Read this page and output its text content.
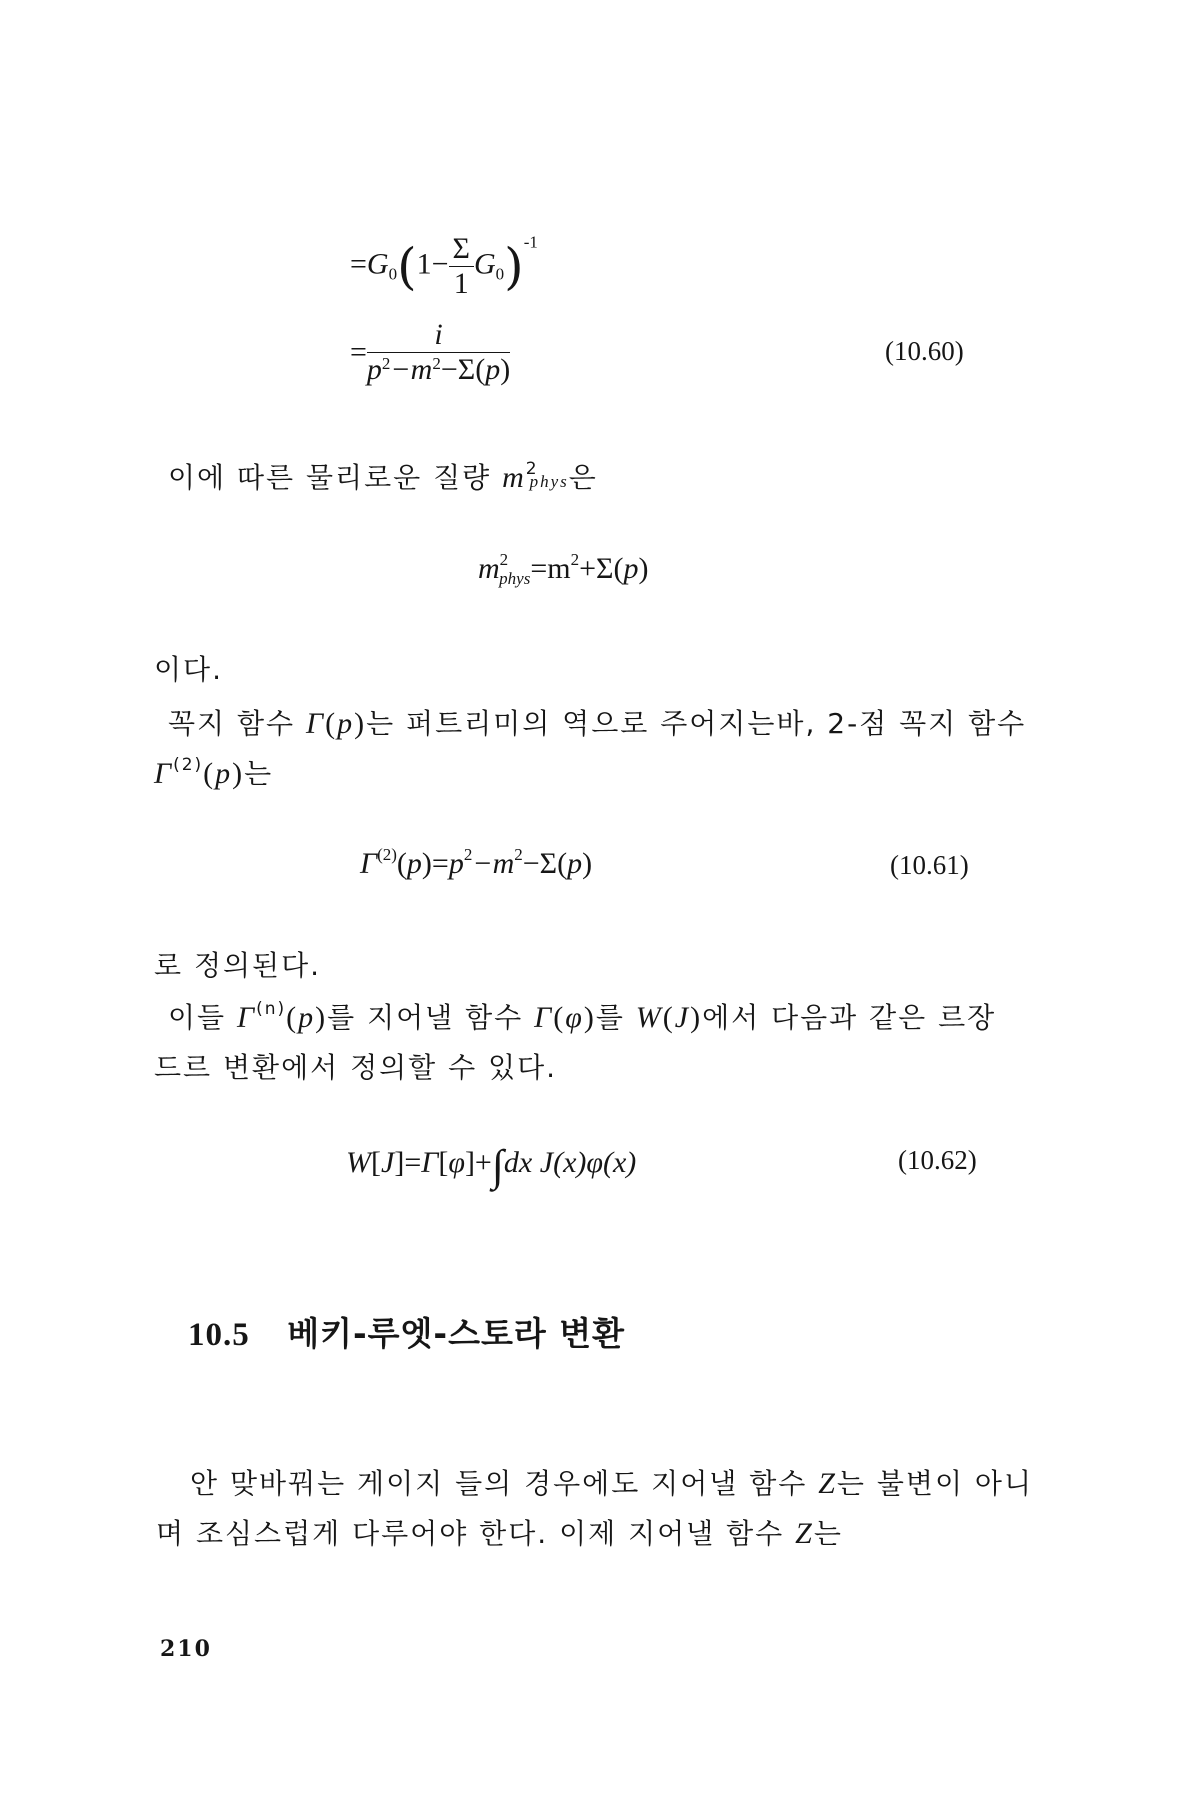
$=G_0(1- \frac{\Sigma}{1} G_0)^{-1}$
= $\frac{i}{p^2-m^2-\Sigma(p)}$	(10.60)
이에 따른 물리로운 질량 $m^2phys$은
$m^2_{phys}=m^2+\Sigma(p)$
이다.
꼭지 함수 Γ(p)는 퍼트리미의 역으로 주어지는바, 2-점 꼭지 함수
$\Gamma^{(2)}(p)$는
$\Gamma^{(2)}(p)=p^2-m^2-\Sigma(p)$	(10.61)
로 정의된다.
이들 $\Gamma^{(n)}(p)$를 지어낼 함수 Γ(φ)를 W(J)에서 다음과 같은 르장
드르 변환에서 정의할 수 있다.
W[J]=Γ[φ]+∫dx J(x)φ(x)	(10.62)
10.5 베키-루엣-스토라 변환
안 맞바꿔는 게이지 들의 경우에도 지어낼 함수 Z는 불변이 아니
며 조심스럽게 다루어야 한다. 이제 지어낼 함수 Z는
210
